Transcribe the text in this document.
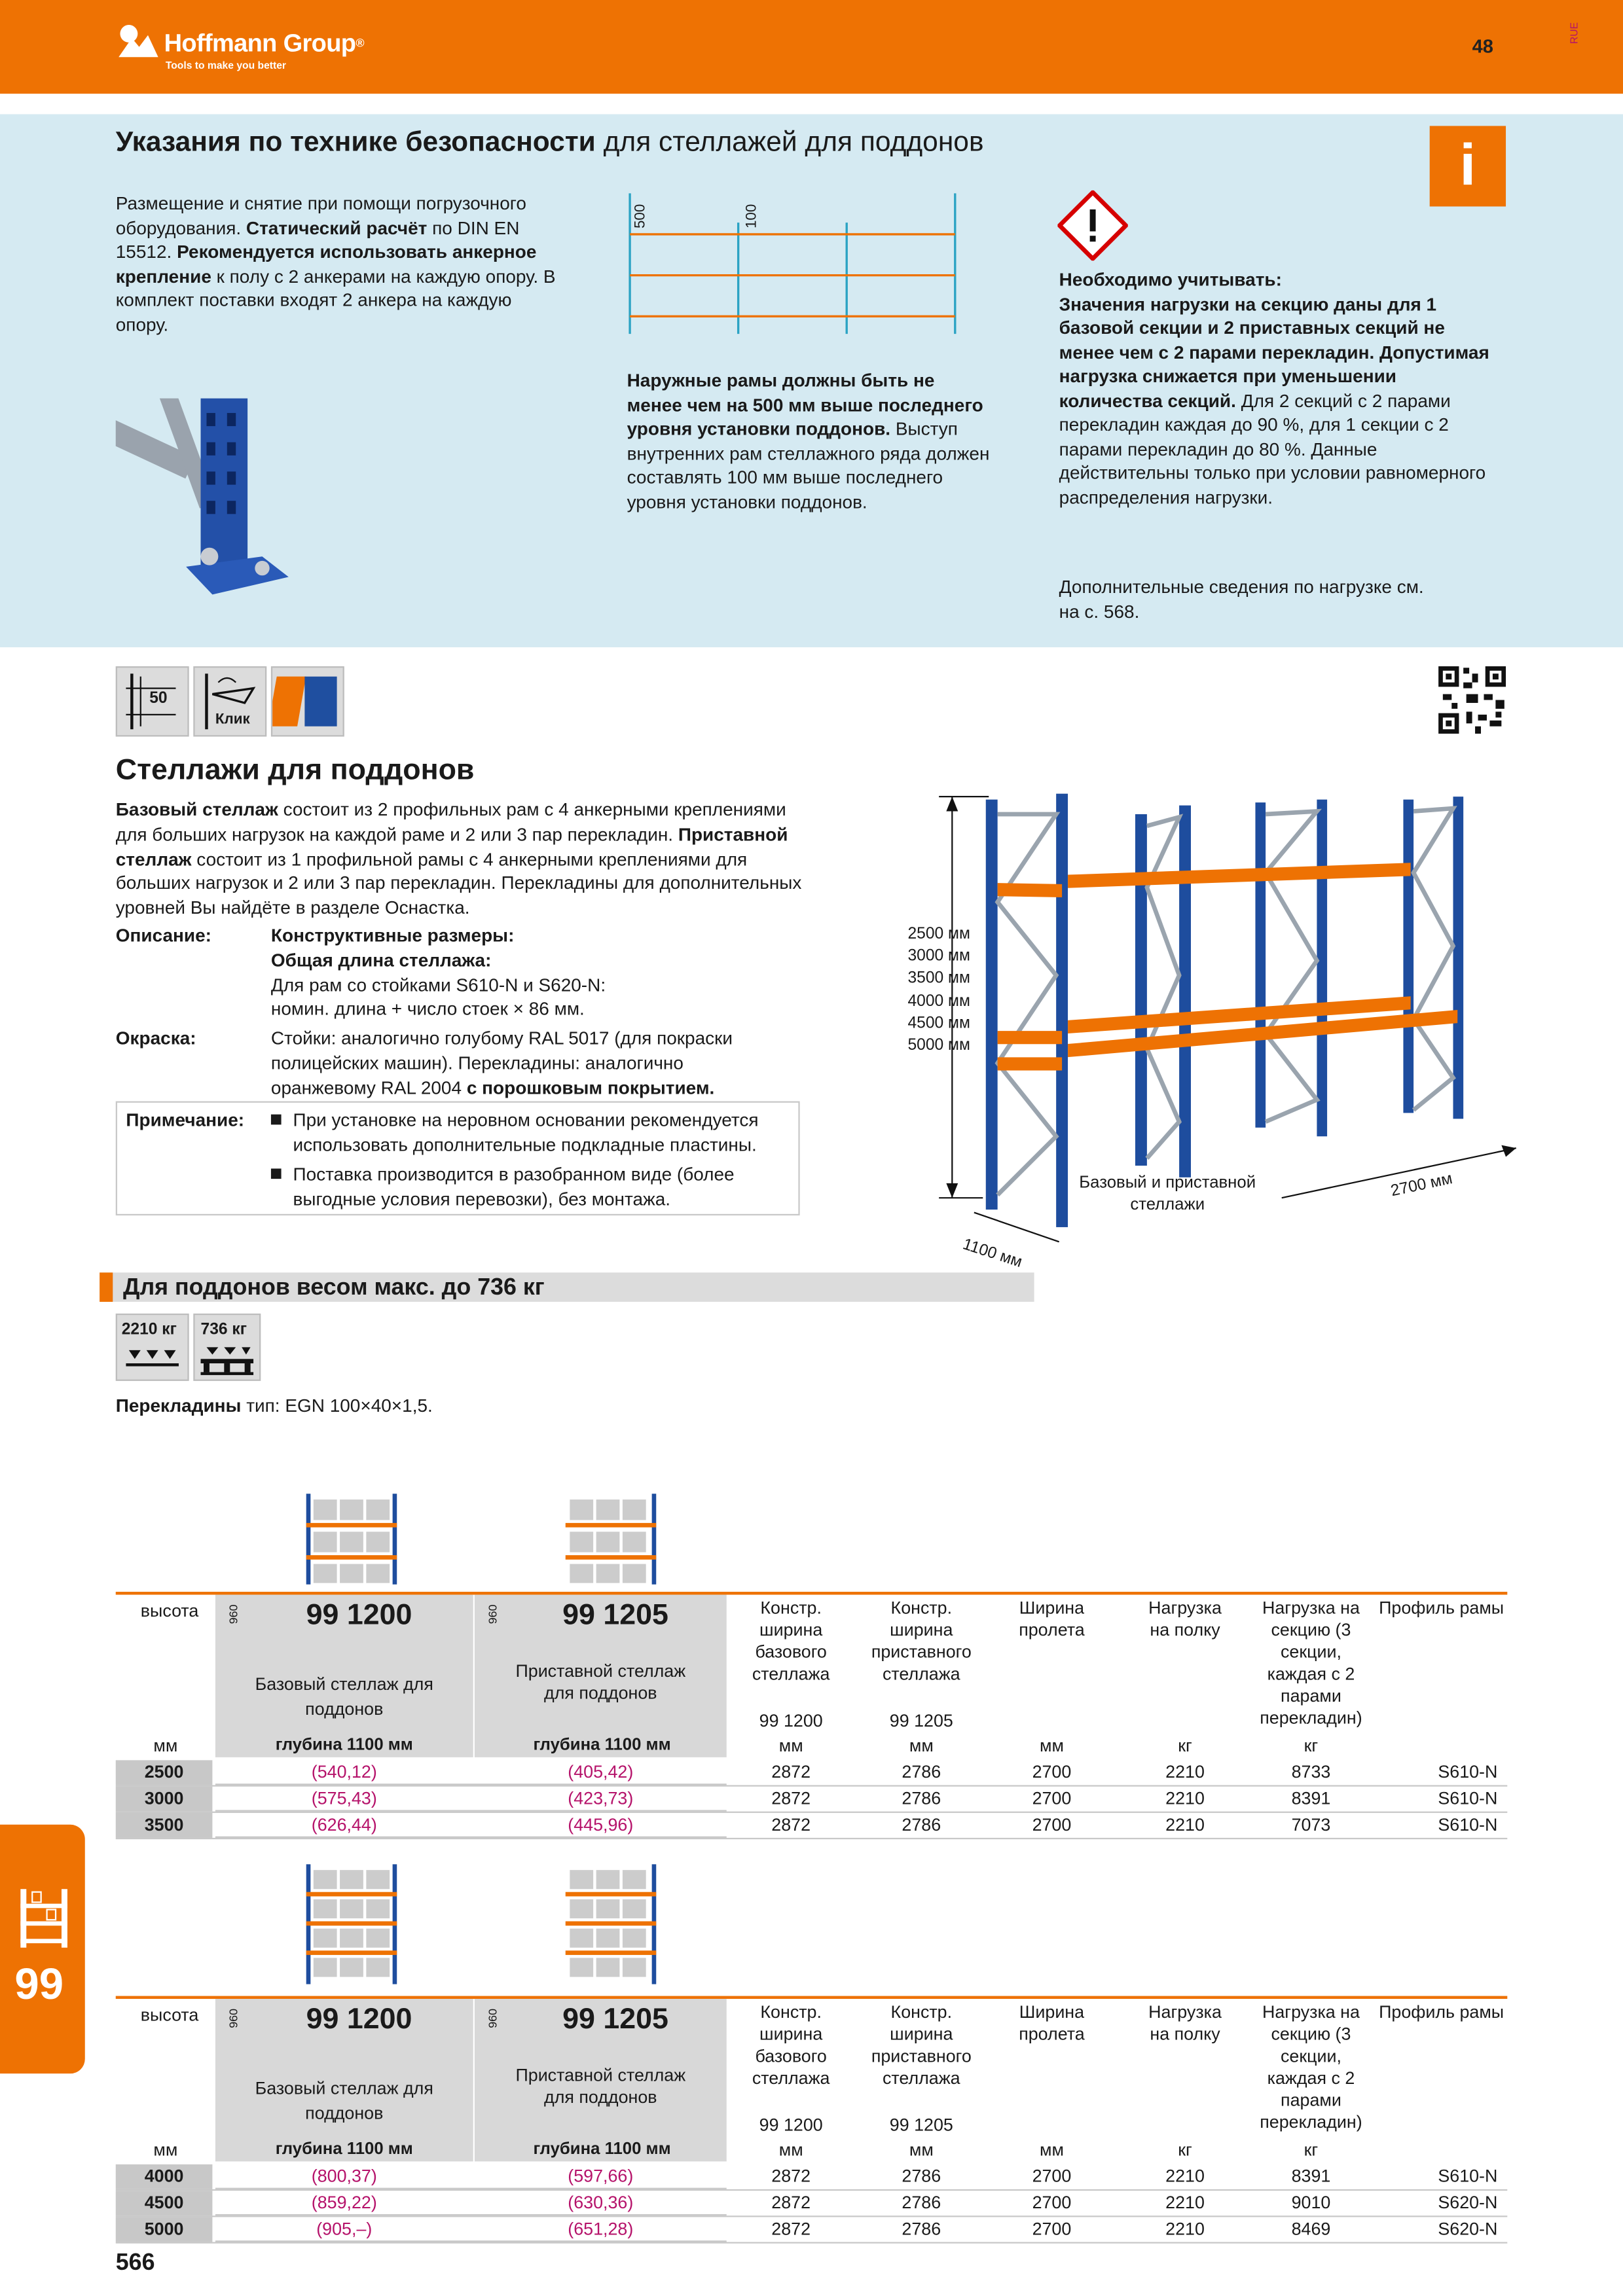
Hoffmann Group®
Tools to make you better
48
RUE
Указания по технике безопасности для стеллажей для поддонов	i
Размещение и снятие при помощи погрузочного оборудования. Статический расчёт по DIN EN 15512. Рекомендуется использовать анкерное крепление к полу с 2 анкерами на каждую опору. В комплект поставки входят 2 анкера на каждую опору.
500	100
Наружные рамы должны быть не менее чем на 500 мм выше последнего уровня установки поддонов. Выступ внутренних рам стеллажного ряда должен составлять 100 мм выше последнего уровня установки поддонов.
Необходимо учитывать:
Значения нагрузки на секцию даны для 1 базовой секции и 2 приставных секций не менее чем с 2 парами перекладин. Допустимая нагрузка снижается при уменьшении количества секций. Для 2 секций с 2 парами перекладин каждая до 90 %, для 1 секции с 2 парами перекладин до 80 %. Данные действительны только при условии равномерного распределения нагрузки.
Дополнительные сведения по нагрузке см. на с. 568.
50
Клик
Стеллажи для поддонов
Базовый стеллаж состоит из 2 профильных рам с 4 анкерными креплениями для больших нагрузок на каждой раме и 2 или 3 пар перекладин. Приставной стеллаж состоит из 1 профильной рамы с 4 анкерными креплениями для больших нагрузок и 2 или 3 пар перекладин. Перекладины для дополнительных уровней Вы найдёте в разделе Оснастка.
Описание:	Конструктивные размеры:
Общая длина стеллажа:
Для рам со стойками S610-N и S620-N:
номин. длина + число стоек × 86 мм.
Окраска:	Стойки: аналогично голубому RAL 5017 (для покраски полицейских машин). Перекладины: аналогично оранжевому RAL 2004 с порошковым покрытием.
Примечание:	При установке на неровном основании рекомендуется использовать дополнительные подкладные пластины.
Поставка производится в разобранном виде (более выгодные условия перевозки), без монтажа.
2500 мм
3000 мм
3500 мм
4000 мм
4500 мм
5000 мм
Базовый и приставной стеллажи
1100 мм
2700 мм
Для поддонов весом макс. до 736 кг
2210 кг	736 кг
Перекладины тип: EGN 100×40×1,5.
высота	960	99 1200	960	99 1205
Базовый стеллаж для поддонов
Приставной стеллаж для поддонов
глубина 1100 мм	глубина 1100 мм
Констр. ширина базового стеллажа
Констр. ширина приставного стеллажа
Ширина пролета
Нагрузка на полку
Нагрузка на секцию (3 секции, каждая с 2 парами перекладин)
Профиль рамы
99 1200	99 1205
мм	мм	мм	мм	кг	кг
2500	(540,12)	(405,42)	2872	2786	2700	2210	8733	S610-N
3000	(575,43)	(423,73)	2872	2786	2700	2210	8391	S610-N
3500	(626,44)	(445,96)	2872	2786	2700	2210	7073	S610-N
99
высота	960	99 1200	960	99 1205
Базовый стеллаж для поддонов
Приставной стеллаж для поддонов
глубина 1100 мм	глубина 1100 мм
Констр. ширина базового стеллажа
Констр. ширина приставного стеллажа
Ширина пролета
Нагрузка на полку
Нагрузка на секцию (3 секции, каждая с 2 парами перекладин)
Профиль рамы
99 1200	99 1205
мм	мм	мм	мм	кг	кг
4000	(800,37)	(597,66)	2872	2786	2700	2210	8391	S610-N
4500	(859,22)	(630,36)	2872	2786	2700	2210	9010	S620-N
5000	(905,–)	(651,28)	2872	2786	2700	2210	8469	S620-N
566
